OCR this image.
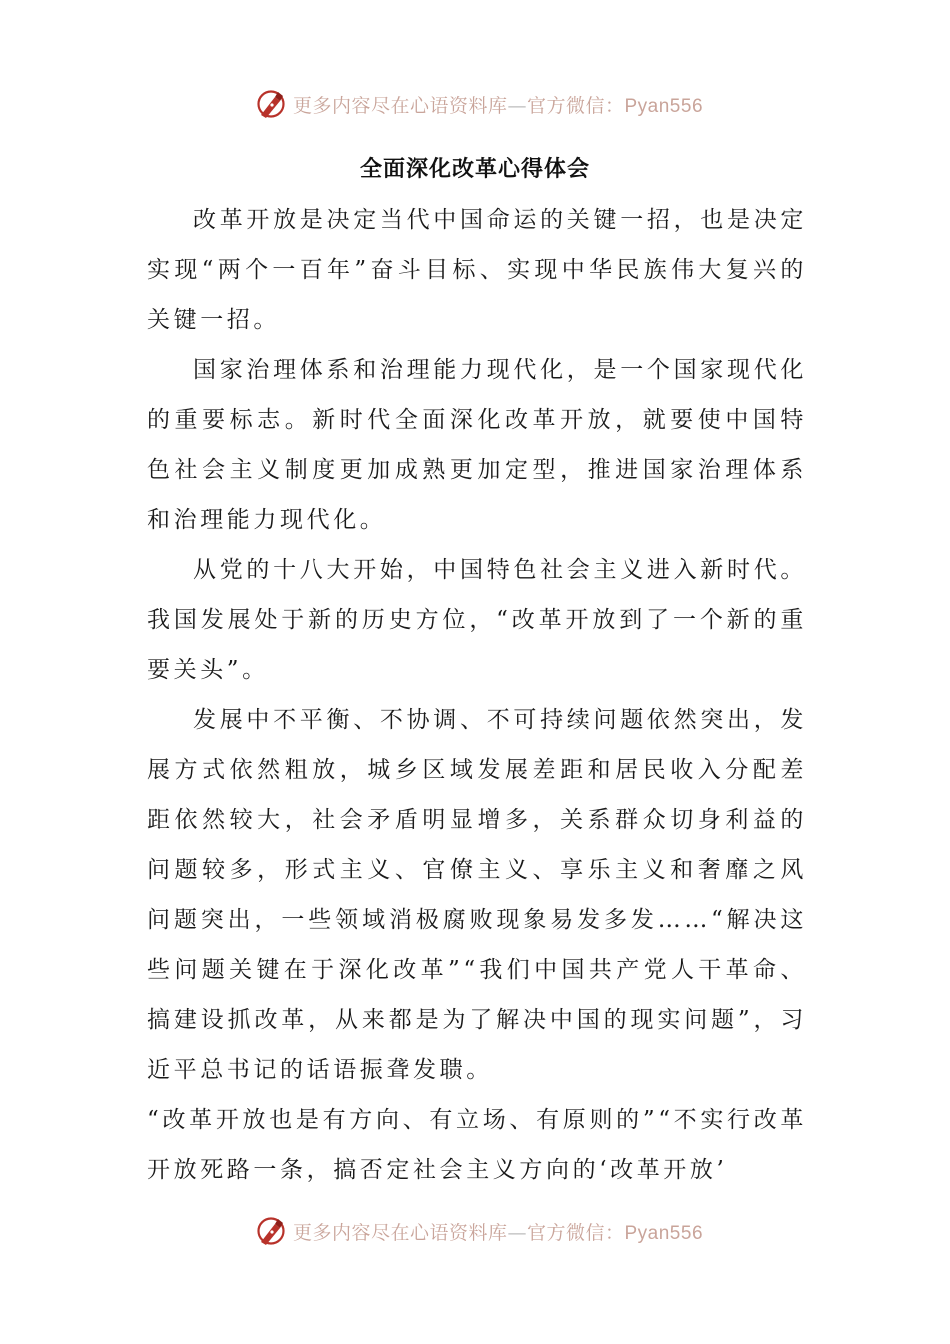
更多内容尽在心语资料库—官方微信：Pyan556
全面深化改革心得体会

改革开放是决定当代中国命运的关键一招，也是决定实现“两个一百年”奋斗目标、实现中华民族伟大复兴的关键一招。

国家治理体系和治理能力现代化，是一个国家现代化的重要标志。新时代全面深化改革开放，就要使中国特色社会主义制度更加成熟更加定型，推进国家治理体系和治理能力现代化。

从党的十八大开始，中国特色社会主义进入新时代。我国发展处于新的历史方位，“改革开放到了一个新的重要关头”。

发展中不平衡、不协调、不可持续问题依然突出，发展方式依然粗放，城乡区域发展差距和居民收入分配差距依然较大，社会矛盾明显增多，关系群众切身利益的问题较多，形式主义、官僚主义、享乐主义和奢靡之风问题突出，一些领域消极腐败现象易发多发……“解决这些问题关键在于深化改革”“我们中国共产党人干革命、搞建设抓改革，从来都是为了解决中国的现实问题”，习近平总书记的话语振聋发聩。

“改革开放也是有方向、有立场、有原则的”“不实行改革开放死路一条，搞否定社会主义方向的‘改革开放’

更多内容尽在心语资料库—官方微信：Pyan556
